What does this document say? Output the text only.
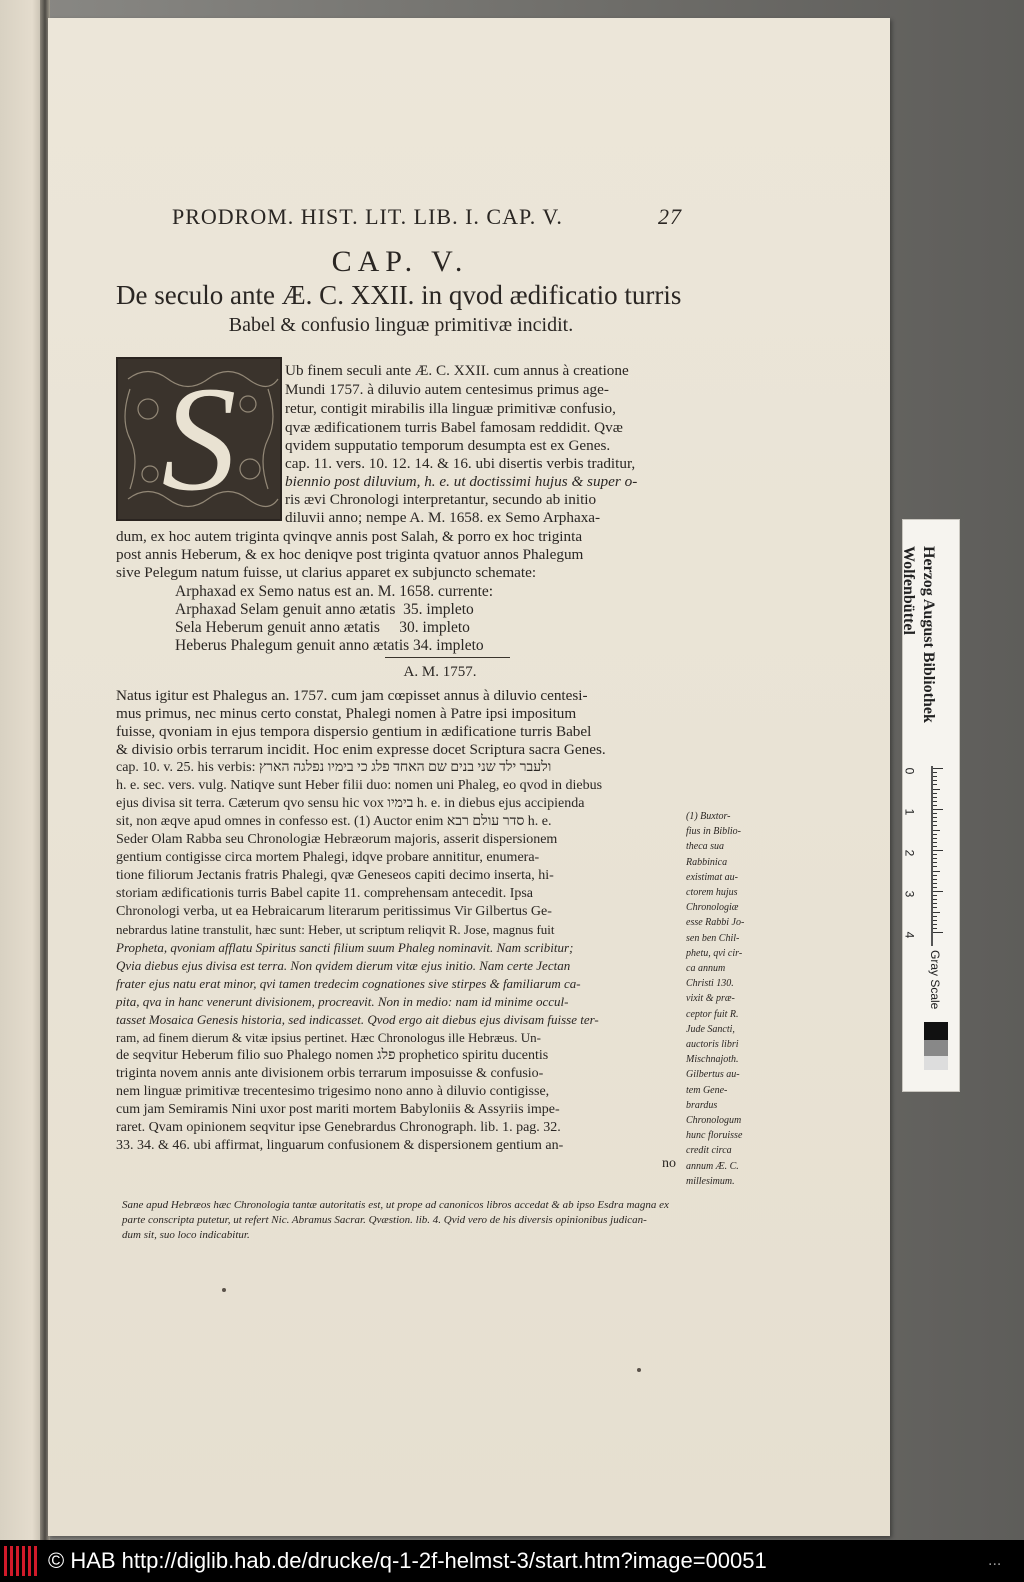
PRODROM. HIST. LIT. LIB. I. CAP. V.	27
CAP. V.
De seculo ante Æ. C. XXII. in qvod ædificatio turris
Babel & confusio linguæ primitivæ incidit.
S	Ub finem seculi ante Æ. C. XXII. cum annus à creatione
Mundi 1757. à diluvio autem centesimus primus age-
retur, contigit mirabilis illa linguæ primitivæ confusio,
qvæ ædificationem turris Babel famosam reddidit. Qvæ
qvidem supputatio temporum desumpta est ex Genes.
cap. 11. vers. 10. 12. 14. & 16. ubi disertis verbis traditur,
biennio post diluvium, h. e. ut doctissimi hujus & super o-
ris ævi Chronologi interpretantur, secundo ab initio
diluvii anno; nempe A. M. 1658. ex Semo Arphaxa-
dum, ex hoc autem triginta qvinqve annis post Salah, & porro ex hoc triginta
post annis Heberum, & ex hoc deniqve post triginta qvatuor annos Phalegum
sive Pelegum natum fuisse, ut clarius apparet ex subjuncto schemate:
Arphaxad ex Semo natus est an. M. 1658. currente:
Arphaxad Selam genuit anno ætatis  35. impleto
Sela Heberum genuit anno ætatis     30. impleto
Heberus Phalegum genuit anno ætatis 34. impleto
A. M. 1757.
Natus igitur est Phalegus an. 1757. cum jam cœpisset annus à diluvio centesi-
mus primus, nec minus certo constat, Phalegi nomen à Patre ipsi impositum
fuisse, qvoniam in ejus tempora dispersio gentium in ædificatione turris Babel
& divisio orbis terrarum incidit. Hoc enim expresse docet Scriptura sacra Genes.
cap. 10. v. 25. his verbis: ולעבר ילד שני בנים שם האחד פלג כי בימיו נפלגה הארץ
h. e. sec. vers. vulg. Natiqve sunt Heber filii duo: nomen uni Phaleg, eo qvod in diebus
ejus divisa sit terra. Cæterum qvo sensu hic vox בימיו h. e. in diebus ejus accipienda
sit, non æqve apud omnes in confesso est. (1) Auctor enim סדר עולם רבא h. e.
Seder Olam Rabba seu Chronologiæ Hebræorum majoris, asserit dispersionem
gentium contigisse circa mortem Phalegi, idqve probare annititur, enumera-
tione filiorum Jectanis fratris Phalegi, qvæ Geneseos capiti decimo inserta, hi-
storiam ædificationis turris Babel capite 11. comprehensam antecedit. Ipsa
Chronologi verba, ut ea Hebraicarum literarum peritissimus Vir Gilbertus Ge-
nebrardus latine transtulit, hæc sunt: Heber, ut scriptum reliqvit R. Jose, magnus fuit
Propheta, qvoniam afflatu Spiritus sancti filium suum Phaleg nominavit. Nam scribitur;
Qvia diebus ejus divisa est terra. Non qvidem dierum vitæ ejus initio. Nam certe Jectan
frater ejus natu erat minor, qvi tamen tredecim cognationes sive stirpes & familiarum ca-
pita, qva in hanc venerunt divisionem, procreavit. Non in medio: nam id minime occul-
tasset Mosaica Genesis historia, sed indicasset. Qvod ergo ait diebus ejus divisam fuisse ter-
ram, ad finem dierum & vitæ ipsius pertinet. Hæc Chronologus ille Hebræus. Un-
de seqvitur Heberum filio suo Phalego nomen פלג prophetico spiritu ducentis
triginta novem annis ante divisionem orbis terrarum imposuisse & confusio-
nem linguæ primitivæ trecentesimo trigesimo nono anno à diluvio contigisse,
cum jam Semiramis Nini uxor post mariti mortem Babyloniis & Assyriis impe-
raret. Qvam opinionem seqvitur ipse Genebrardus Chronograph. lib. 1. pag. 32.
33. 34. & 46. ubi affirmat, linguarum confusionem & dispersionem gentium an-
no
(1) Buxtor-
fius in Biblio-
theca sua
Rabbinica
existimat au-
ctorem hujus
Chronologiæ
esse Rabbi Jo-
sen ben Chil-
phetu, qvi cir-
ca annum
Christi 130.
vixit & præ-
ceptor fuit R.
Jude Sancti,
auctoris libri
Mischnajoth.
Gilbertus au-
tem Gene-
brardus
Chronologum
hunc floruisse
credit circa
annum Æ. C.
millesimum.
Sane apud Hebræos hæc Chronologia tantæ autoritatis est, ut prope ad canonicos libros accedat & ab ipso Esdra magna ex
parte conscripta putetur, ut refert Nic. Abramus Sacrar. Qvæstion. lib. 4. Qvid vero de his diversis opinionibus judican-
dum sit, suo loco indicabitur.
Herzog August Bibliothek
Wolfenbüttel
0
1
2
3
4
Gray Scale
© HAB http://diglib.hab.de/drucke/q-1-2f-helmst-3/start.htm?image=00051	...
